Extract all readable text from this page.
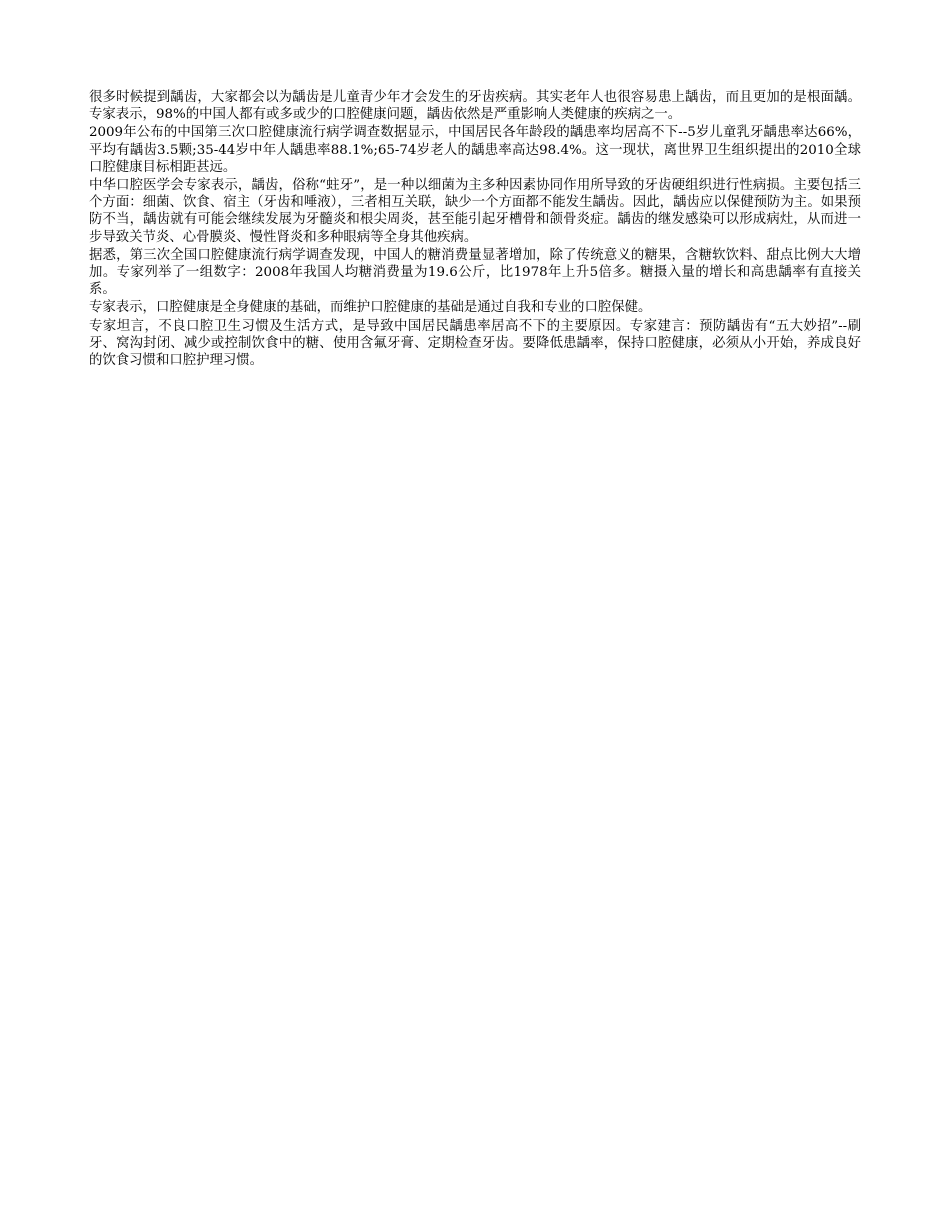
很多时候提到龋齿，大家都会以为龋齿是儿童青少年才会发生的牙齿疾病。其实老年人也很容易患上龋齿，而且更加的是根面龋。专家表示，98%的中国人都有或多或少的口腔健康问题，龋齿依然是严重影响人类健康的疾病之一。

2009年公布的中国第三次口腔健康流行病学调查数据显示，中国居民各年龄段的龋患率均居高不下--5岁儿童乳牙龋患率达66%，平均有龋齿3.5颗;35-44岁中年人龋患率88.1%;65-74岁老人的龋患率高达98.4%。这一现状，离世界卫生组织提出的2010全球口腔健康目标相距甚远。

中华口腔医学会专家表示，龋齿，俗称“蛀牙”，是一种以细菌为主多种因素协同作用所导致的牙齿硬组织进行性病损。主要包括三个方面：细菌、饮食、宿主（牙齿和唾液），三者相互关联，缺少一个方面都不能发生龋齿。因此，龋齿应以保健预防为主。如果预防不当，龋齿就有可能会继续发展为牙髓炎和根尖周炎，甚至能引起牙槽骨和颌骨炎症。龋齿的继发感染可以形成病灶，从而进一步导致关节炎、心骨膜炎、慢性肾炎和多种眼病等全身其他疾病。

据悉，第三次全国口腔健康流行病学调查发现，中国人的糖消费量显著增加，除了传统意义的糖果，含糖软饮料、甜点比例大大增加。专家列举了一组数字：2008年我国人均糖消费量为19.6公斤，比1978年上升5倍多。糖摄入量的增长和高患龋率有直接关系。

专家表示，口腔健康是全身健康的基础，而维护口腔健康的基础是通过自我和专业的口腔保健。

专家坦言，不良口腔卫生习惯及生活方式，是导致中国居民龋患率居高不下的主要原因。专家建言：预防龋齿有“五大妙招”--刷牙、窝沟封闭、减少或控制饮食中的糖、使用含氟牙膏、定期检查牙齿。要降低患龋率，保持口腔健康，必须从小开始，养成良好的饮食习惯和口腔护理习惯。
